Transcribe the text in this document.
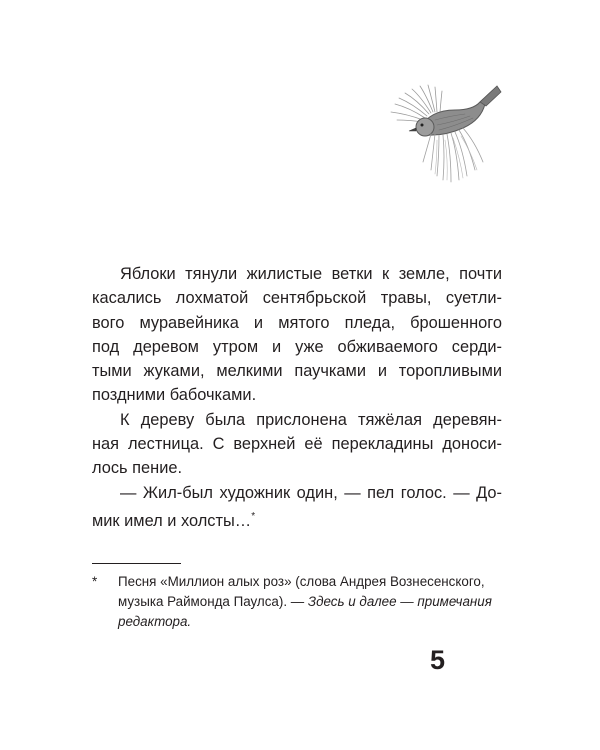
Яблоки тянули жилистые ветки к земле, почти
касались лохматой сентябрьской травы, суетли-
вого муравейника и мятого пледа, брошенного
под деревом утром и уже обживаемого серди-
тыми жуками, мелкими паучками и торопливыми
поздними бабочками.
К дереву была прислонена тяжёлая деревян-
ная лестница. С верхней её перекладины доноси-
лось пение.
— Жил-был художник один, — пел голос. — До-
мик имел и холсты…*
* Песня «Миллион алых роз» (слова Андрея Вознесенского,
музыка Раймонда Паулса). — Здесь и далее — примечания
редактора.
5
